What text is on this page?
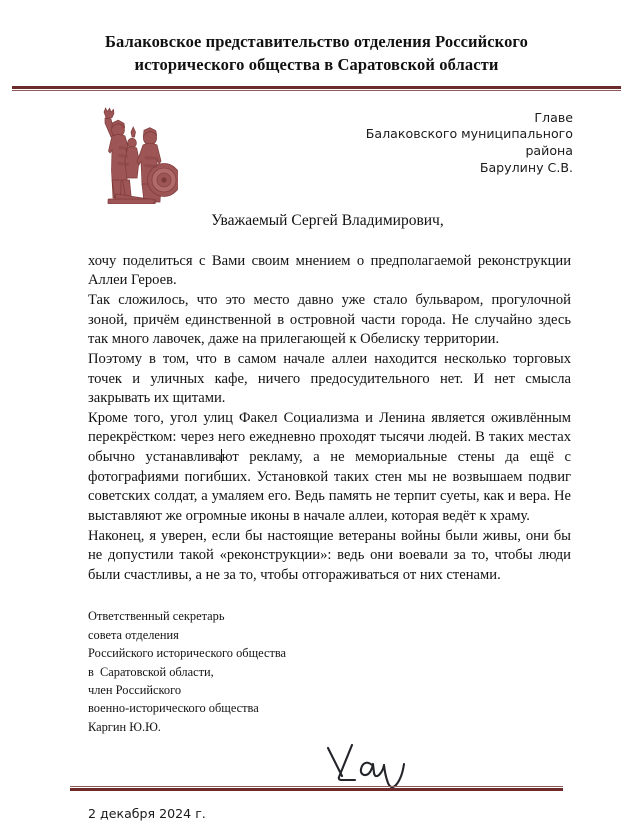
Балаковское представительство отделения Российского
исторического общества в Саратовской области
Главе
Балаковского муниципального
района
Барулину С.В.
Уважаемый Сергей Владимирович,

хочу поделиться с Вами своим мнением о предполагаемой реконструкции Аллеи Героев.

Так сложилось, что это место давно уже стало бульваром, прогулочной зоной, причём единственной в островной части города. Не случайно здесь так много лавочек, даже на прилегающей к Обелиску территории.

Поэтому в том, что в самом начале аллеи находится несколько торговых точек и уличных кафе, ничего предосудительного нет. И нет смысла закрывать их щитами.

Кроме того, угол улиц Факел Социализма и Ленина является оживлённым перекрёстком: через него ежедневно проходят тысячи людей. В таких местах обычно устанавливают рекламу, а не мемориальные стены да ещё с фотографиями погибших. Установкой таких стен мы не возвышаем подвиг советских солдат, а умаляем его. Ведь память не терпит суеты, как и вера. Не выставляют же огромные иконы в начале аллеи, которая ведёт к храму.

Наконец, я уверен, если бы настоящие ветераны войны были живы, они бы не допустили такой «реконструкции»: ведь они воевали за то, чтобы люди были счастливы, а не за то, чтобы отгораживаться от них стенами.

Ответственный секретарь
совета отделения
Российского исторического общества
в  Саратовской области,
член Российского
военно-исторического общества
Каргин Ю.Ю.
2 декабря 2024 г.
